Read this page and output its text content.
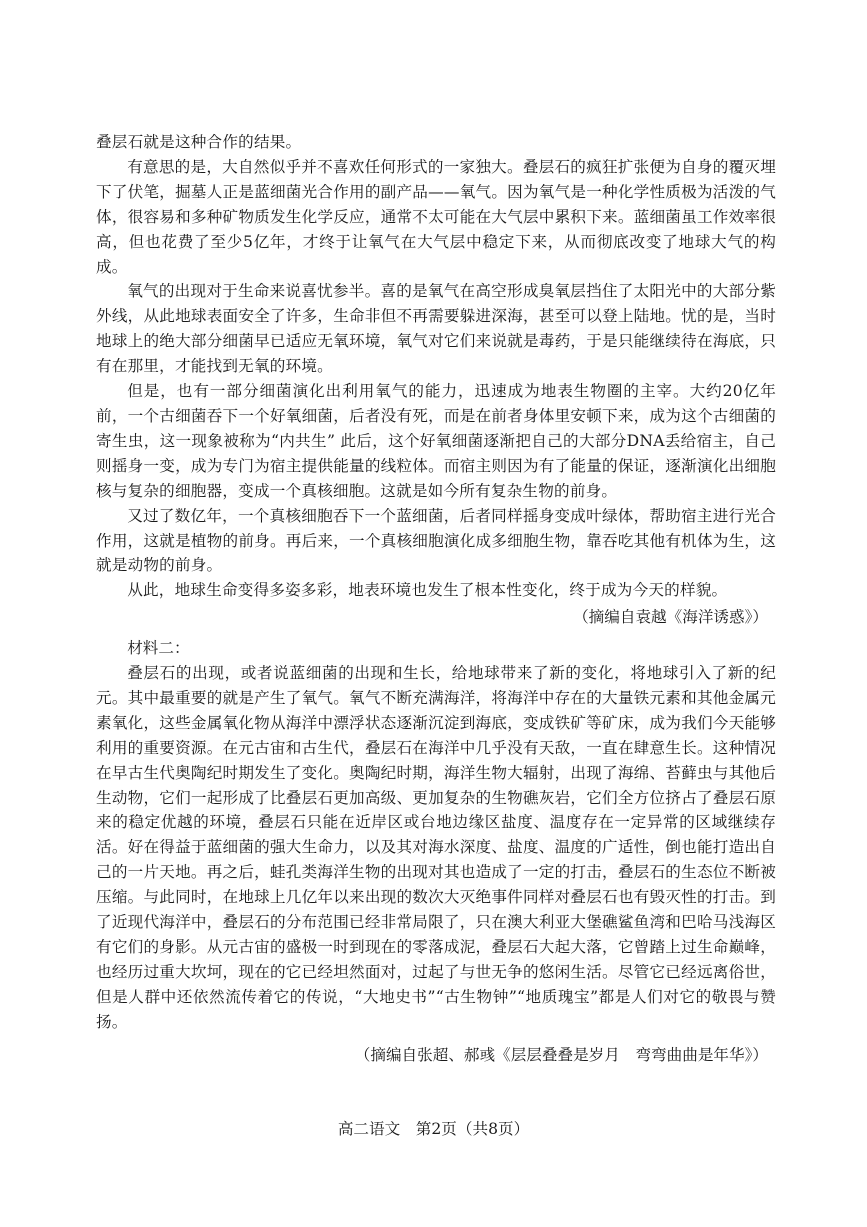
叠层石就是这种合作的结果。

有意思的是，大自然似乎并不喜欢任何形式的一家独大。叠层石的疯狂扩张便为自身的覆灭埋下了伏笔，掘墓人正是蓝细菌光合作用的副产品——氧气。因为氧气是一种化学性质极为活泼的气体，很容易和多种矿物质发生化学反应，通常不太可能在大气层中累积下来。蓝细菌虽工作效率很高，但也花费了至少5亿年，才终于让氧气在大气层中稳定下来，从而彻底改变了地球大气的构成。

氧气的出现对于生命来说喜忧参半。喜的是氧气在高空形成臭氧层挡住了太阳光中的大部分紫外线，从此地球表面安全了许多，生命非但不再需要躲进深海，甚至可以登上陆地。忧的是，当时地球上的绝大部分细菌早已适应无氧环境，氧气对它们来说就是毒药，于是只能继续待在海底，只有在那里，才能找到无氧的环境。

但是，也有一部分细菌演化出利用氧气的能力，迅速成为地表生物圈的主宰。大约20亿年前，一个古细菌吞下一个好氧细菌，后者没有死，而是在前者身体里安顿下来，成为这个古细菌的寄生虫，这一现象被称为“内共生” 此后，这个好氧细菌逐渐把自己的大部分DNA丢给宿主，自己则摇身一变，成为专门为宿主提供能量的线粒体。而宿主则因为有了能量的保证，逐渐演化出细胞核与复杂的细胞器，变成一个真核细胞。这就是如今所有复杂生物的前身。

又过了数亿年，一个真核细胞吞下一个蓝细菌，后者同样摇身变成叶绿体，帮助宿主进行光合作用，这就是植物的前身。再后来，一个真核细胞演化成多细胞生物，靠吞吃其他有机体为生，这就是动物的前身。

从此，地球生命变得多姿多彩，地表环境也发生了根本性变化，终于成为今天的样貌。

（摘编自袁越《海洋诱惑》）

材料二：

叠层石的出现，或者说蓝细菌的出现和生长，给地球带来了新的变化，将地球引入了新的纪元。其中最重要的就是产生了氧气。氧气不断充满海洋，将海洋中存在的大量铁元素和其他金属元素氧化，这些金属氧化物从海洋中漂浮状态逐渐沉淀到海底，变成铁矿等矿床，成为我们今天能够利用的重要资源。在元古宙和古生代，叠层石在海洋中几乎没有天敌，一直在肆意生长。这种情况在早古生代奥陶纪时期发生了变化。奥陶纪时期，海洋生物大辐射，出现了海绵、苔藓虫与其他后生动物，它们一起形成了比叠层石更加高级、更加复杂的生物礁灰岩，它们全方位挤占了叠层石原来的稳定优越的环境，叠层石只能在近岸区或台地边缘区盐度、温度存在一定异常的区域继续存活。好在得益于蓝细菌的强大生命力，以及其对海水深度、盐度、温度的广适性，倒也能打造出自己的一片天地。再之后，蛙孔类海洋生物的出现对其也造成了一定的打击，叠层石的生态位不断被压缩。与此同时，在地球上几亿年以来出现的数次大灭绝事件同样对叠层石也有毁灭性的打击。到了近现代海洋中，叠层石的分布范围已经非常局限了，只在澳大利亚大堡礁鲨鱼湾和巴哈马浅海区有它们的身影。从元古宙的盛极一时到现在的零落成泥，叠层石大起大落，它曾踏上过生命巅峰，也经历过重大坎坷，现在的它已经坦然面对，过起了与世无争的悠闲生活。尽管它已经远离俗世，但是人群中还依然流传着它的传说，“大地史书”“古生物钟”“地质瑰宝”都是人们对它的敬畏与赞扬。

（摘编自张超、郝彧《层层叠叠是岁月　弯弯曲曲是年华》）

高二语文　第2页（共8页）
